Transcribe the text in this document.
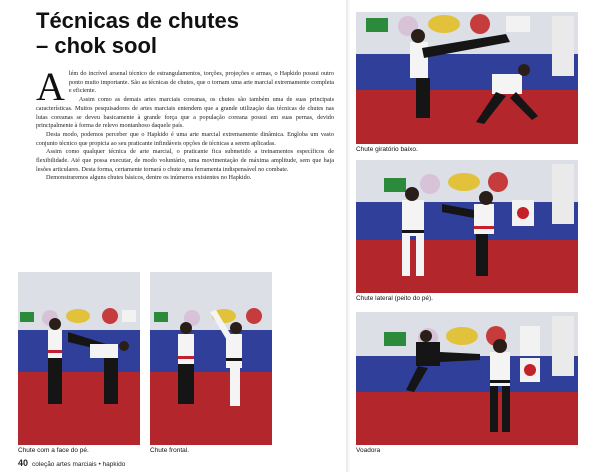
Técnicas de chutes
– chok sool

Além do incrível arsenal técnico de estrangulamentos, torções, projeções e armas, o Hapkido possui outro ponto muito importante. São as técnicas de chutes, que o tornam uma arte marcial extremamente completa e eficiente.

Assim como as demais artes marciais coreanas, os chutes são também uma de suas principais características. Muitos pesquisadores de artes marciais entendem que a grande utilização das técnicas de chutes nas lutas coreanas se deveu basicamente à grande força que a população coreana possui em suas pernas, devido principalmente à forma de relevo montanhoso daquele país.

Desta modo, podemos perceber que o Hapkido é uma arte marcial extremamente dinâmica. Engloba um vasto conjunto técnico que propicia ao seu praticante infindáveis opções de técnicas a serem aplicadas.

Assim como qualquer técnica de arte marcial, o praticante fica submetido a treinamentos específicos de flexibilidade. Até que possa executar, de modo voluntário, uma movimentação de máxima amplitude, sem que haja lesões articulares. Desta forma, certamente tornará o chute uma ferramenta indispensável no combate.

Demonstraremos alguns chutes básicos, dentre os inúmeros existentes no Hapkido.

Chute com a face do pé.	Chute frontal.
40 coleção artes marciais • hapkido
Chute giratório baixo.
Chute lateral (peito do pé).
Voadora
